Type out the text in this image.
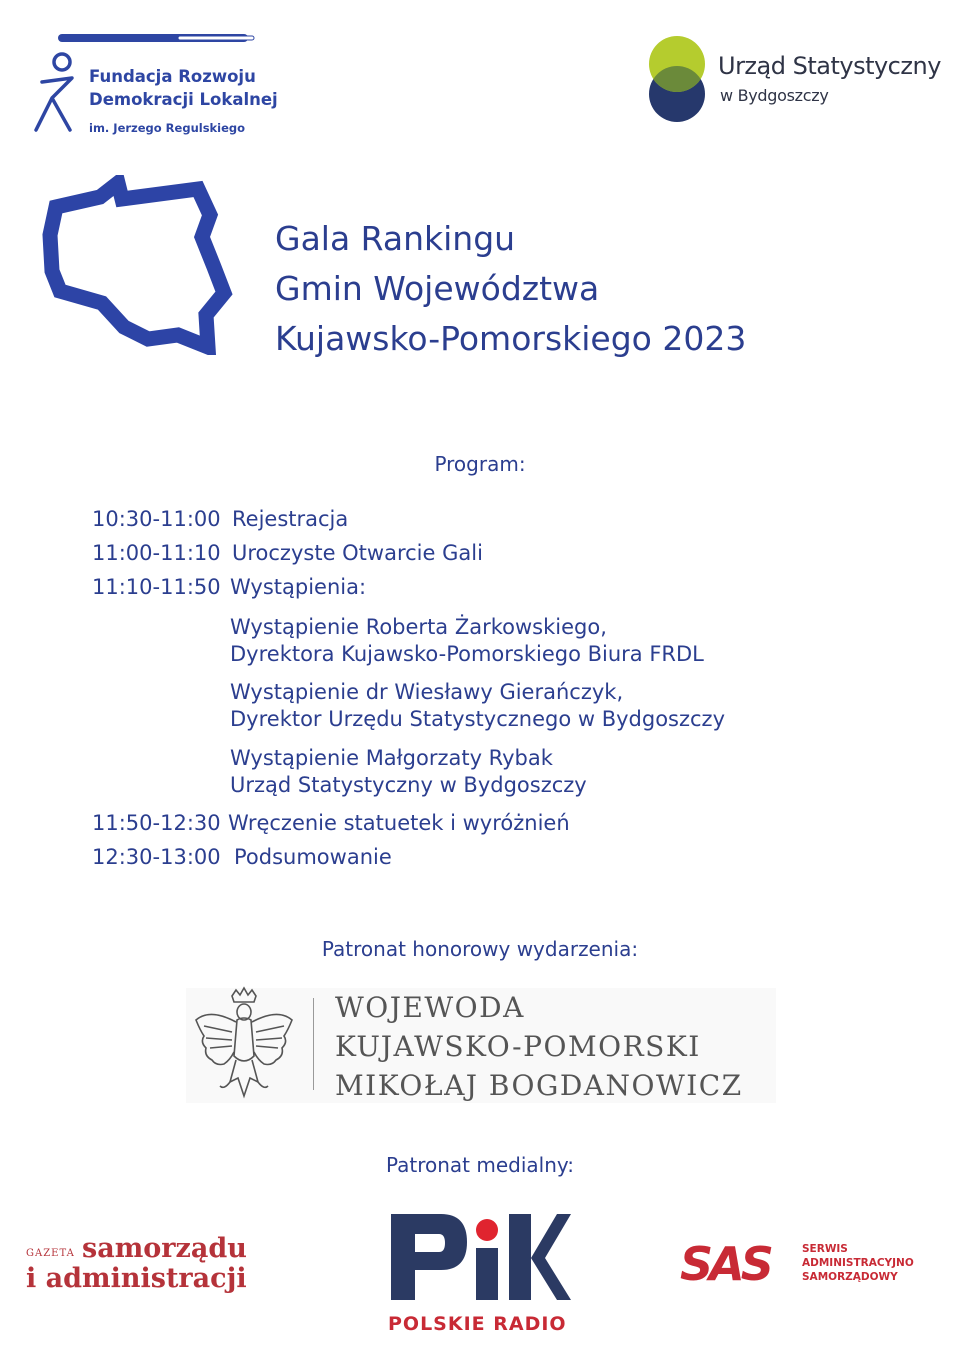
Fundacja Rozwoju
Demokracji Lokalnej
im. Jerzego Regulskiego
Urząd Statystyczny
w Bydgoszczy
Gala Rankingu
Gmin Województwa
Kujawsko-Pomorskiego 2023
Program:
10:30-11:00 Rejestracja
11:00-11:10 Uroczyste Otwarcie Gali
11:10-11:50 Wystąpienia:
Wystąpienie Roberta Żarkowskiego,
Dyrektora Kujawsko-Pomorskiego Biura FRDL
Wystąpienie dr Wiesławy Gierańczyk,
Dyrektor Urzędu Statystycznego w Bydgoszczy
Wystąpienie Małgorzaty Rybak
Urząd Statystyczny w Bydgoszczy
11:50-12:30 Wręczenie statuetek i wyróżnień
12:30-13:00 Podsumowanie
Patronat honorowy wydarzenia:
WOJEWODA
KUJAWSKO-POMORSKI
MIKOŁAJ BOGDANOWICZ
Patronat medialny:
GAZETA samorządu
i administracji
POLSKIE RADIO
SAS	SERWIS
ADMINISTRACYJNO
SAMORZĄDOWY
